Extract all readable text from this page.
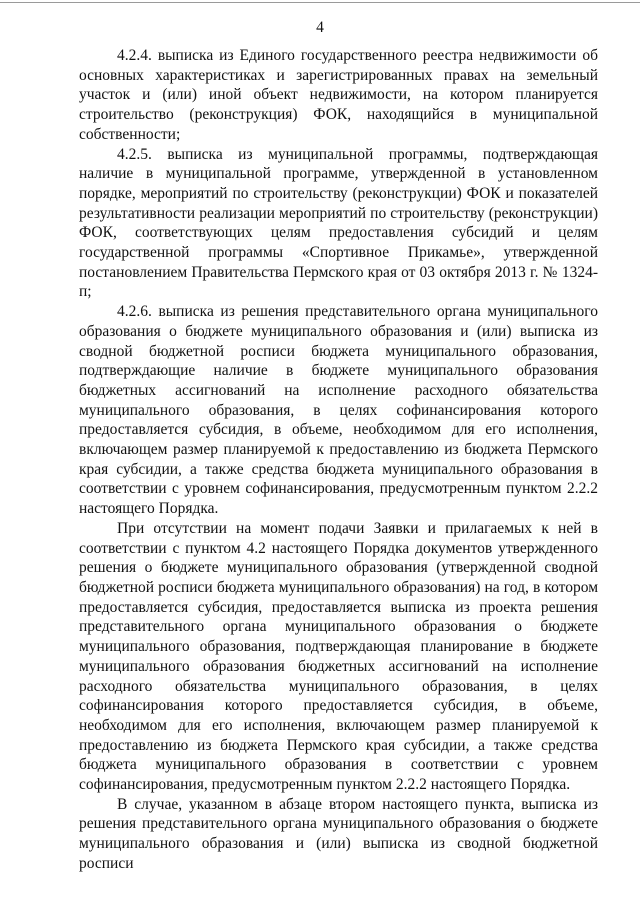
4

4.2.4. выписка из Единого государственного реестра недвижимости об основных характеристиках и зарегистрированных правах на земельный участок и (или) иной объект недвижимости, на котором планируется строительство (реконструкция) ФОК, находящийся в муниципальной собственности;

4.2.5. выписка из муниципальной программы, подтверждающая наличие в муниципальной программе, утвержденной в установленном порядке, мероприятий по строительству (реконструкции) ФОК и показателей результативности реализации мероприятий по строительству (реконструкции) ФОК, соответствующих целям предоставления субсидий и целям государственной программы «Спортивное Прикамье», утвержденной постановлением Правительства Пермского края от 03 октября 2013 г. № 1324-п;

4.2.6. выписка из решения представительного органа муниципального образования о бюджете муниципального образования и (или) выписка из сводной бюджетной росписи бюджета муниципального образования, подтверждающие наличие в бюджете муниципального образования бюджетных ассигнований на исполнение расходного обязательства муниципального образования, в целях софинансирования которого предоставляется субсидия, в объеме, необходимом для его исполнения, включающем размер планируемой к предоставлению из бюджета Пермского края субсидии, а также средства бюджета муниципального образования в соответствии с уровнем софинансирования, предусмотренным пунктом 2.2.2 настоящего Порядка.

При отсутствии на момент подачи Заявки и прилагаемых к ней в соответствии с пунктом 4.2 настоящего Порядка документов утвержденного решения о бюджете муниципального образования (утвержденной сводной бюджетной росписи бюджета муниципального образования) на год, в котором предоставляется субсидия, предоставляется выписка из проекта решения представительного органа муниципального образования о бюджете муниципального образования, подтверждающая планирование в бюджете муниципального образования бюджетных ассигнований на исполнение расходного обязательства муниципального образования, в целях софинансирования которого предоставляется субсидия, в объеме, необходимом для его исполнения, включающем размер планируемой к предоставлению из бюджета Пермского края субсидии, а также средства бюджета муниципального образования в соответствии с уровнем софинансирования, предусмотренным пунктом 2.2.2 настоящего Порядка.

В случае, указанном в абзаце втором настоящего пункта, выписка из решения представительного органа муниципального образования о бюджете муниципального образования и (или) выписка из сводной бюджетной росписи
